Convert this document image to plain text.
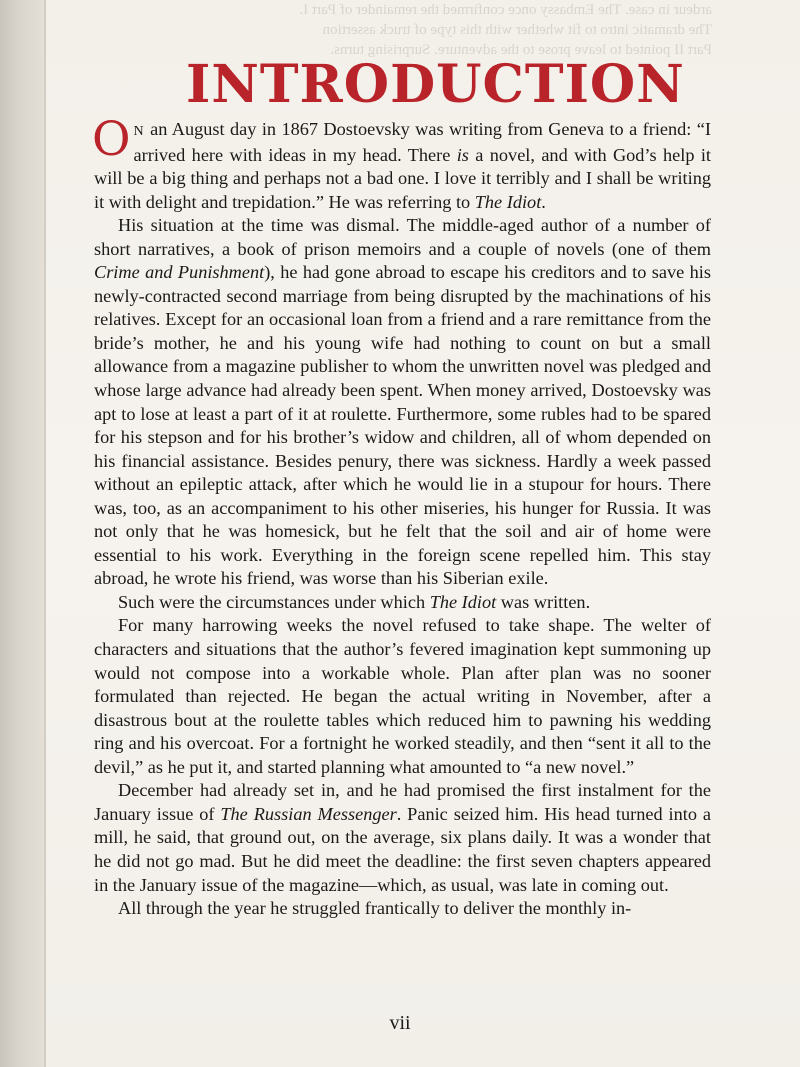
ardeur in case. The Embassy once confirmed the remainder of Part I.
The dramatic intro to fit whether with this type of truck assertion
Part II pointed to leave prose to the adventure. Surprising turns.
INTRODUCTION

O N an August day in 1867 Dostoevsky was writing from Geneva to a friend: “I arrived here with ideas in my head. There is a novel, and with God’s help it will be a big thing and perhaps not a bad one. I love it terribly and I shall be writing it with delight and trepidation.” He was referring to The Idiot.

His situation at the time was dismal. The middle-aged author of a number of short narratives, a book of prison memoirs and a couple of novels (one of them Crime and Punishment), he had gone abroad to escape his creditors and to save his newly-contracted second marriage from being disrupted by the machinations of his relatives. Except for an occasional loan from a friend and a rare remittance from the bride’s mother, he and his young wife had nothing to count on but a small allowance from a magazine publisher to whom the unwritten novel was pledged and whose large advance had already been spent. When money arrived, Dostoevsky was apt to lose at least a part of it at roulette. Furthermore, some rubles had to be spared for his stepson and for his brother’s widow and children, all of whom depended on his financial assistance. Besides penury, there was sickness. Hardly a week passed without an epileptic attack, after which he would lie in a stupour for hours. There was, too, as an accompaniment to his other miseries, his hunger for Russia. It was not only that he was homesick, but he felt that the soil and air of home were essential to his work. Everything in the foreign scene repelled him. This stay abroad, he wrote his friend, was worse than his Siberian exile.

Such were the circumstances under which The Idiot was written.

For many harrowing weeks the novel refused to take shape. The welter of characters and situations that the author’s fevered imagination kept summoning up would not compose into a workable whole. Plan after plan was no sooner formulated than rejected. He began the actual writing in November, after a disastrous bout at the roulette tables which reduced him to pawning his wedding ring and his overcoat. For a fortnight he worked steadily, and then “sent it all to the devil,” as he put it, and started planning what amounted to “a new novel.”

December had already set in, and he had promised the first instalment for the January issue of The Russian Messenger. Panic seized him. His head turned into a mill, he said, that ground out, on the average, six plans daily. It was a wonder that he did not go mad. But he did meet the deadline: the first seven chapters appeared in the January issue of the magazine—which, as usual, was late in coming out.

All through the year he struggled frantically to deliver the monthly in-

vii
